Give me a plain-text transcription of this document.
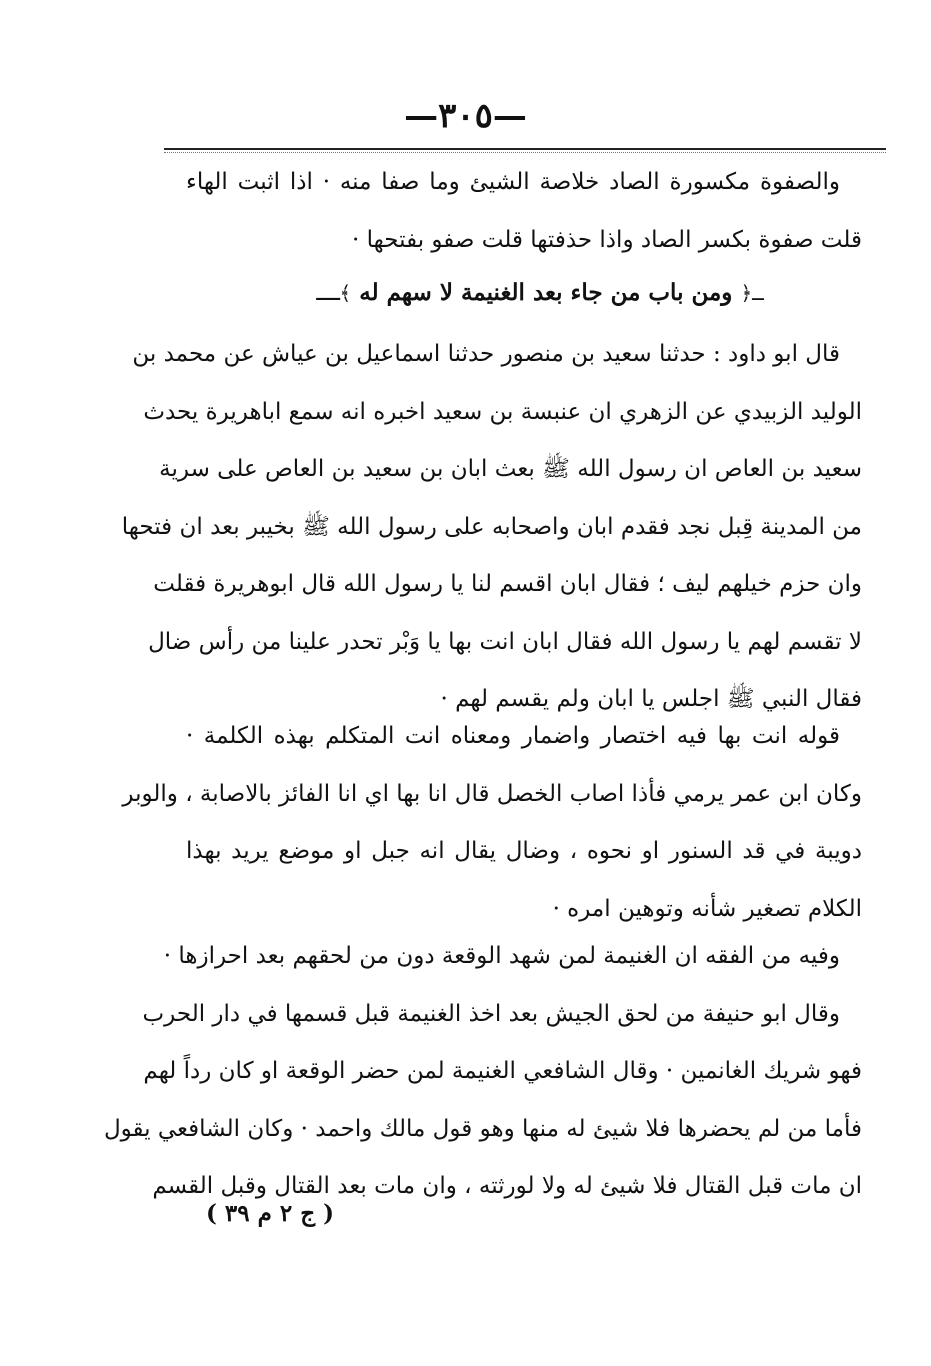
—٣٠٥—
والصفوة مكسورة الصاد خلاصة الشيئ وما صفا منه · اذا اثبت الهاء
قلت صفوة بكسر الصاد واذا حذفتها قلت صفو بفتحها ·
ــ﴿ ومن باب من جاء بعد الغنيمة لا سهم له ﴾ــ
قال ابو داود : حدثنا سعيد بن منصور حدثنا اسماعيل بن عياش عن محمد بن
الوليد الزبيدي عن الزهري ان عنبسة بن سعيد اخبره انه سمع اباهريرة يحدث
سعيد بن العاص ان رسول الله ﷺ بعث ابان بن سعيد بن العاص على سرية
من المدينة قِبل نجد فقدم ابان واصحابه على رسول الله ﷺ بخيبر بعد ان فتحها
وان حزم خيلهم ليف ؛ فقال ابان اقسم لنا يا رسول الله قال ابوهريرة فقلت
لا تقسم لهم يا رسول الله فقال ابان انت بها يا وَبْر تحدر علينا من رأس ضال
فقال النبي ﷺ اجلس يا ابان ولم يقسم لهم ·
قوله انت بها فيه اختصار واضمار ومعناه انت المتكلم بهذه الكلمة ·
وكان ابن عمر يرمي فأذا اصاب الخصل قال انا بها اي انا الفائز بالاصابة ، والوبر
دويبة في قد السنور او نحوه ، وضال يقال انه جبل او موضع يريد بهذا
الكلام تصغير شأنه وتوهين امره ·
وفيه من الفقه ان الغنيمة لمن شهد الوقعة دون من لحقهم بعد احرازها ·
وقال ابو حنيفة من لحق الجيش بعد اخذ الغنيمة قبل قسمها في دار الحرب
فهو شريك الغانمين · وقال الشافعي الغنيمة لمن حضر الوقعة او كان رداً لهم
فأما من لم يحضرها فلا شيئ له منها وهو قول مالك واحمد · وكان الشافعي يقول
ان مات قبل القتال فلا شيئ له ولا لورثته ، وان مات بعد القتال وقبل القسم
( ج ٢ م ٣٩ )
